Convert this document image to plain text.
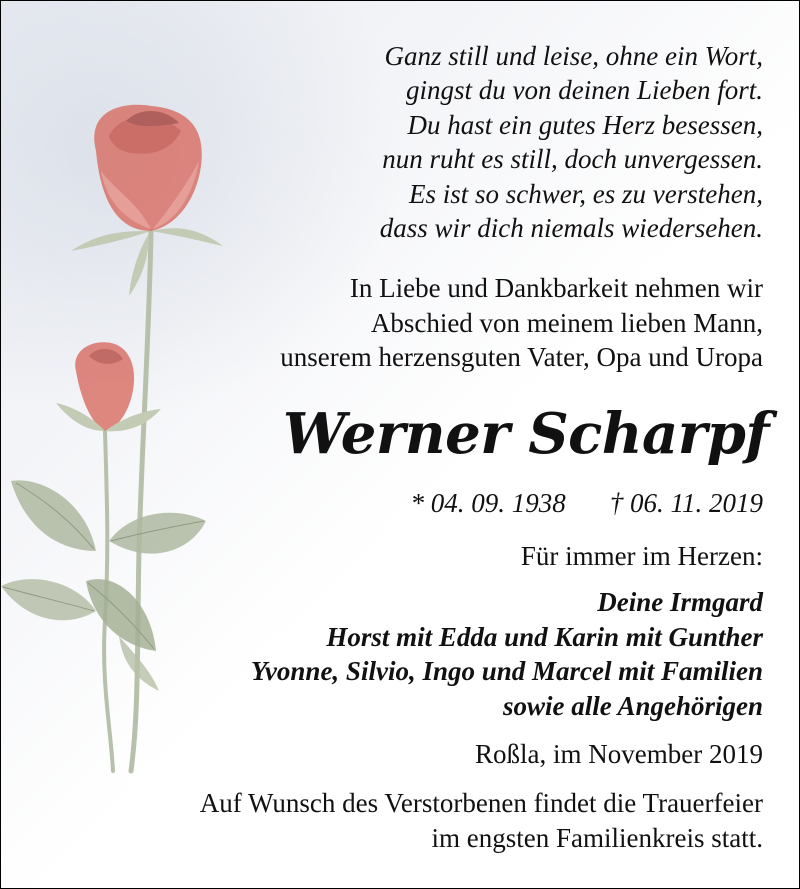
Ganz still und leise, ohne ein Wort,
gingst du von deinen Lieben fort.
Du hast ein gutes Herz besessen,
nun ruht es still, doch unvergessen.
Es ist so schwer, es zu verstehen,
dass wir dich niemals wiedersehen.
In Liebe und Dankbarkeit nehmen wir
Abschied von meinem lieben Mann,
unserem herzensguten Vater, Opa und Uropa
Werner Scharpf
* 04. 09. 1938 † 06. 11. 2019
Für immer im Herzen:
Deine Irmgard
Horst mit Edda und Karin mit Gunther
Yvonne, Silvio, Ingo und Marcel mit Familien
sowie alle Angehörigen
Roßla, im November 2019
Auf Wunsch des Verstorbenen findet die Trauerfeier
im engsten Familienkreis statt.
